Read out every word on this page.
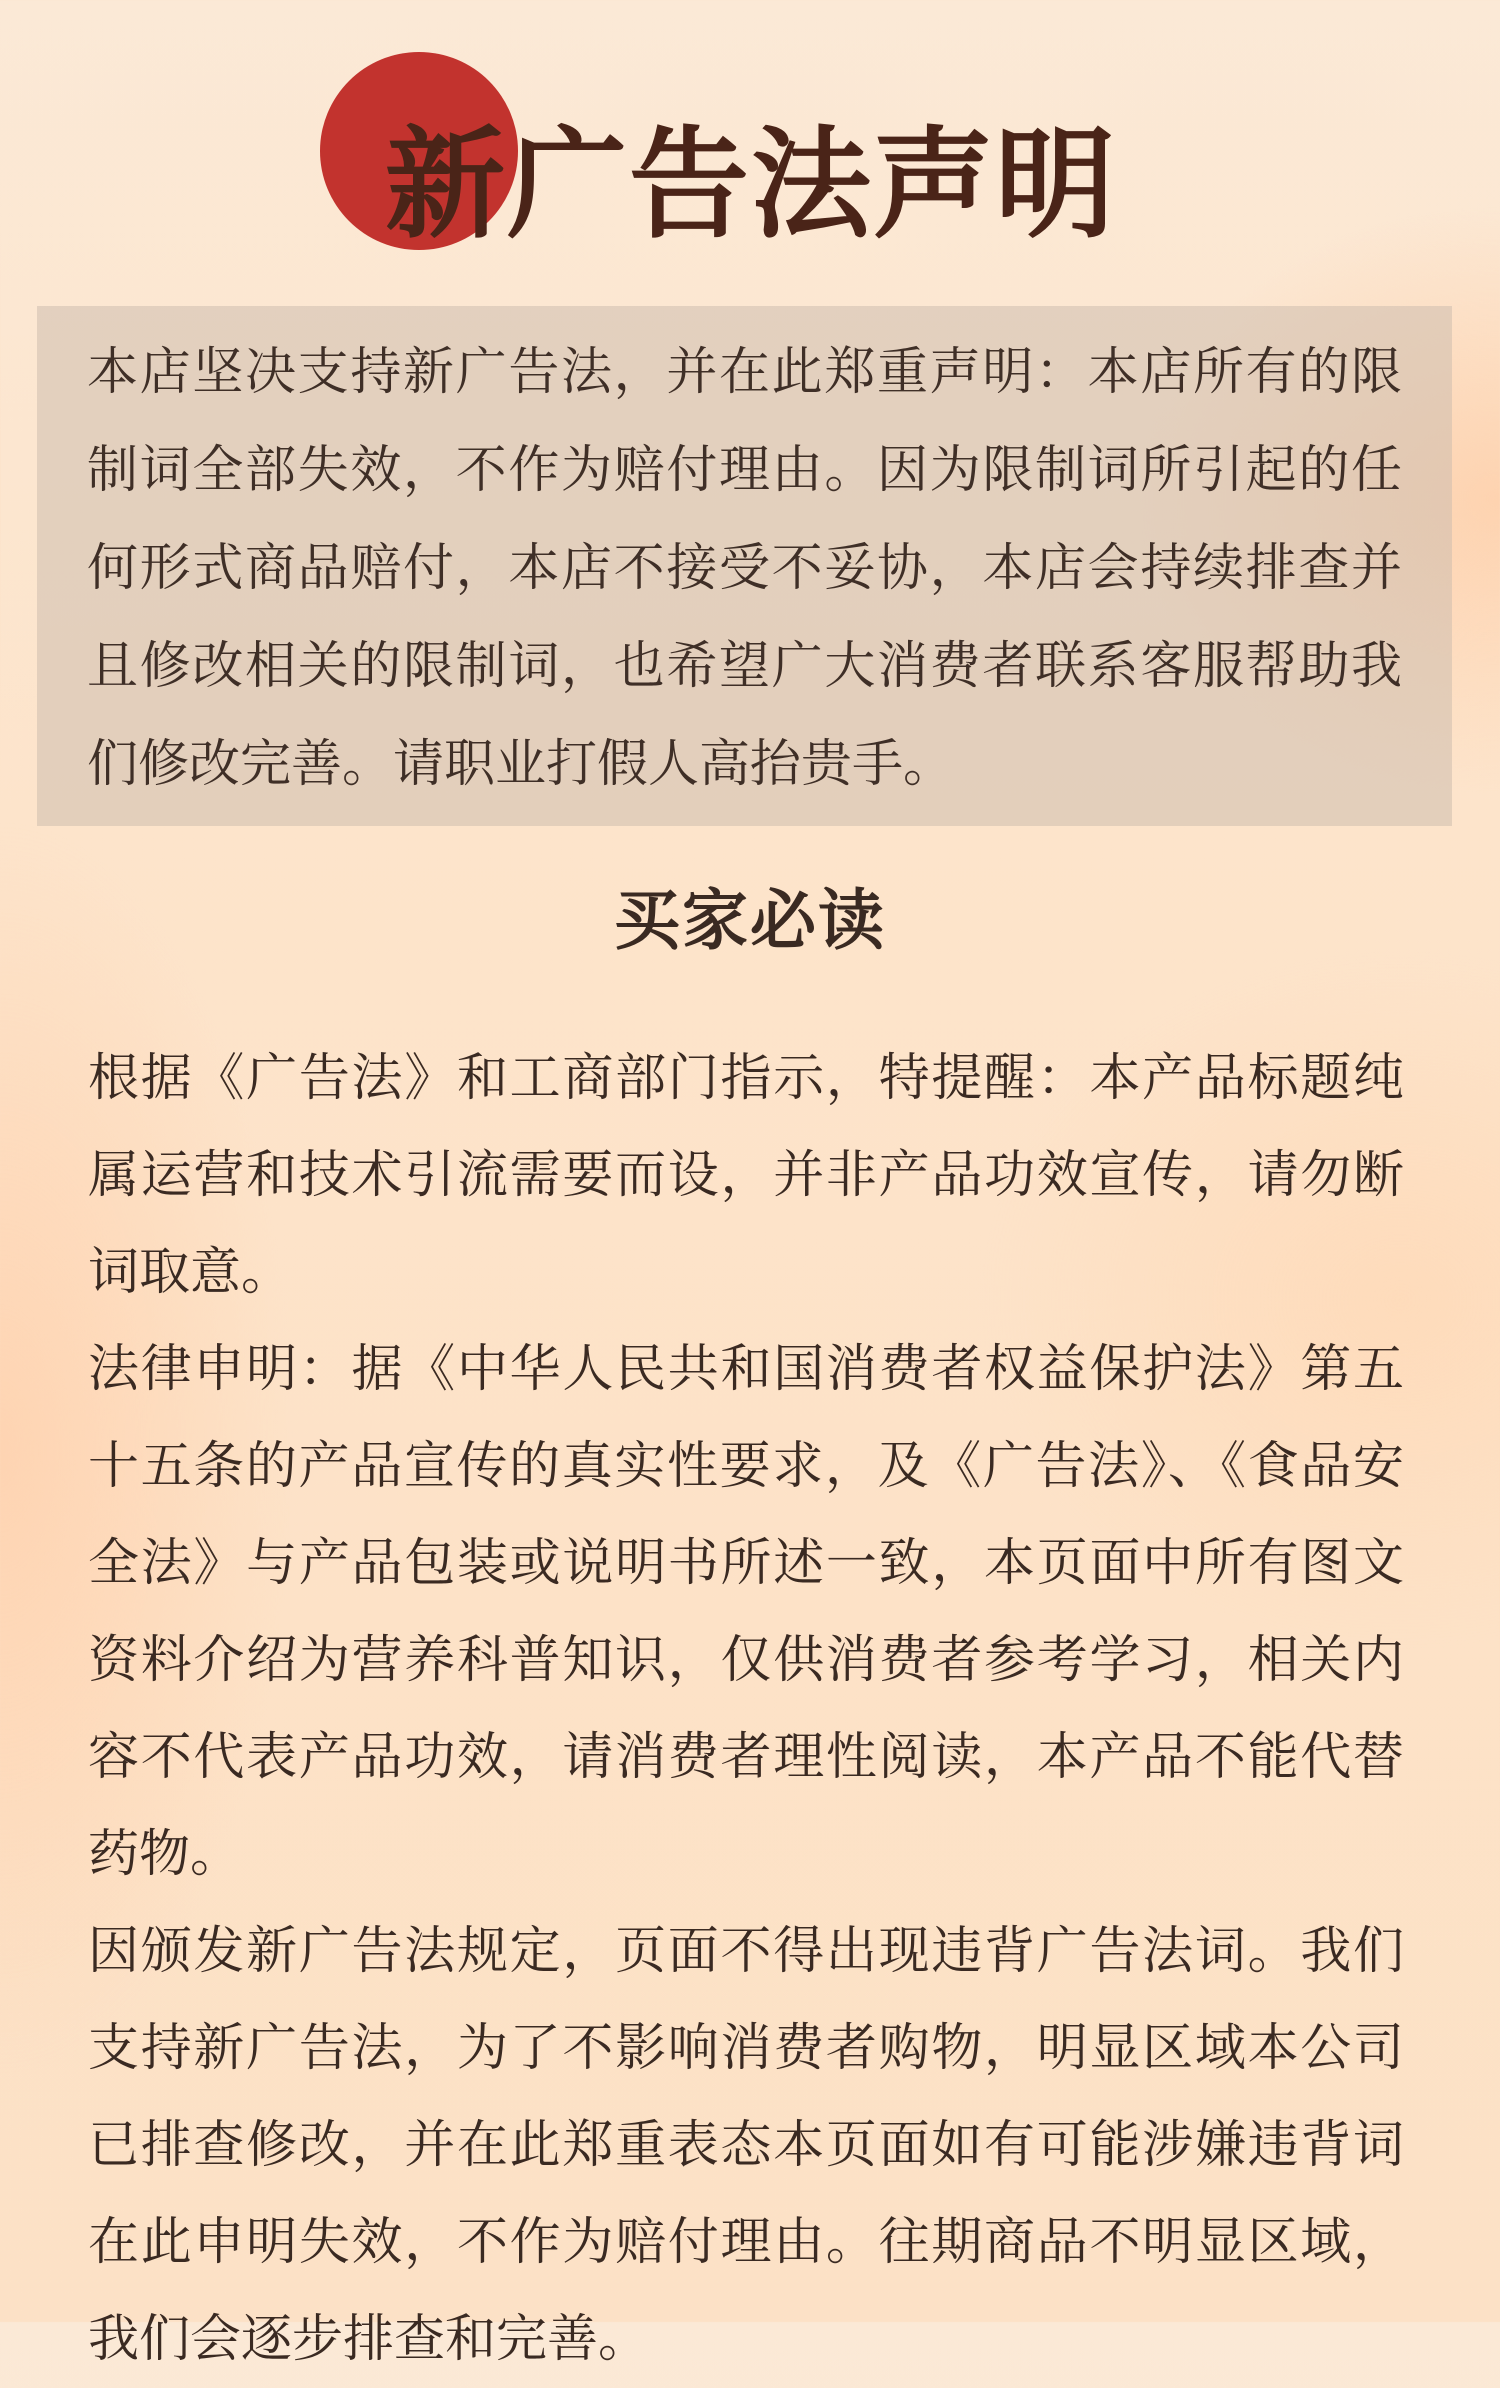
新广告法声明

本店坚决支持新广告法，并在此郑重声明：本店所有的限制词全部失效，不作为赔付理由。因为限制词所引起的任何形式商品赔付，本店不接受不妥协，本店会持续排查并且修改相关的限制词，也希望广大消费者联系客服帮助我们修改完善。请职业打假人高抬贵手。

买家必读

根据《广告法》和工商部门指示，特提醒：本产品标题纯属运营和技术引流需要而设，并非产品功效宣传，请勿断词取意。

法律申明：据《中华人民共和国消费者权益保护法》第五十五条的产品宣传的真实性要求，及《广告法》、《食品安全法》与产品包装或说明书所述一致，本页面中所有图文资料介绍为营养科普知识，仅供消费者参考学习，相关内容不代表产品功效，请消费者理性阅读，本产品不能代替药物。

因颁发新广告法规定，页面不得出现违背广告法词。我们支持新广告法，为了不影响消费者购物，明显区域本公司已排查修改，并在此郑重表态本页面如有可能涉嫌违背词在此申明失效，不作为赔付理由。往期商品不明显区域，我们会逐步排查和完善。
